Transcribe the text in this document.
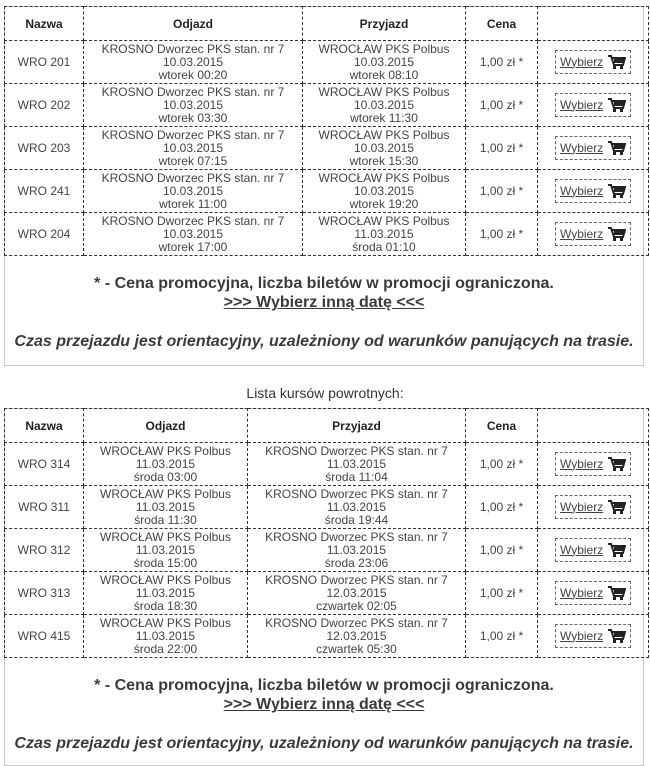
Nazwa	Odjazd	Przyjazd	Cena	
WRO 201	KROSNO Dworzec PKS stan. nr 7
10.03.2015
wtorek 00:20	WROCŁAW PKS Polbus
10.03.2015
wtorek 08:10	1,00 zł *	Wybierz

WRO 202	KROSNO Dworzec PKS stan. nr 7
10.03.2015
wtorek 03:30	WROCŁAW PKS Polbus
10.03.2015
wtorek 11:30	1,00 zł *	Wybierz

WRO 203	KROSNO Dworzec PKS stan. nr 7
10.03.2015
wtorek 07:15	WROCŁAW PKS Polbus
10.03.2015
wtorek 15:30	1,00 zł *	Wybierz

WRO 241	KROSNO Dworzec PKS stan. nr 7
10.03.2015
wtorek 11:00	WROCŁAW PKS Polbus
10.03.2015
wtorek 19:20	1,00 zł *	Wybierz

WRO 204	KROSNO Dworzec PKS stan. nr 7
10.03.2015
wtorek 17:00	WROCŁAW PKS Polbus
11.03.2015
środa 01:10	1,00 zł *	Wybierz
* - Cena promocyjna, liczba biletów w promocji ograniczona.
>>> Wybierz inną datę <<<
Czas przejazdu jest orientacyjny, uzależniony od warunków panujących na trasie.
Lista kursów powrotnych:
Nazwa	Odjazd	Przyjazd	Cena	
WRO 314	WROCŁAW PKS Polbus
11.03.2015
środa 03:00	KROSNO Dworzec PKS stan. nr 7
11.03.2015
środa 11:04	1,00 zł *	Wybierz

WRO 311	WROCŁAW PKS Polbus
11.03.2015
środa 11:30	KROSNO Dworzec PKS stan. nr 7
11.03.2015
środa 19:44	1,00 zł *	Wybierz

WRO 312	WROCŁAW PKS Polbus
11.03.2015
środa 15:00	KROSNO Dworzec PKS stan. nr 7
11.03.2015
środa 23:06	1,00 zł *	Wybierz

WRO 313	WROCŁAW PKS Polbus
11.03.2015
środa 18:30	KROSNO Dworzec PKS stan. nr 7
12.03.2015
czwartek 02:05	1,00 zł *	Wybierz

WRO 415	WROCŁAW PKS Polbus
11.03.2015
środa 22:00	KROSNO Dworzec PKS stan. nr 7
12.03.2015
czwartek 05:30	1,00 zł *	Wybierz
* - Cena promocyjna, liczba biletów w promocji ograniczona.
>>> Wybierz inną datę <<<
Czas przejazdu jest orientacyjny, uzależniony od warunków panujących na trasie.
